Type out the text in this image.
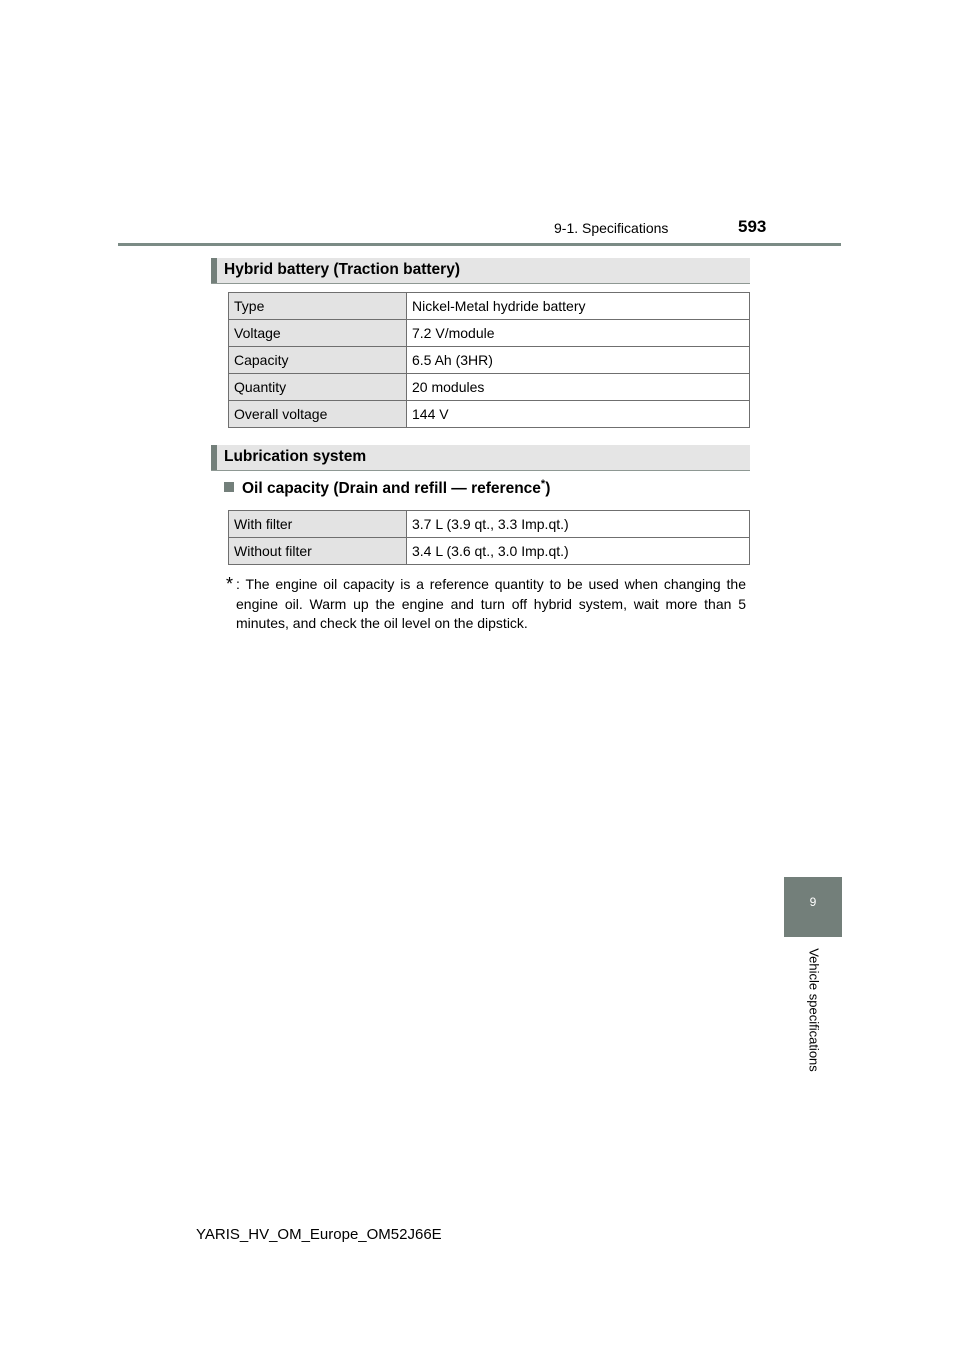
9-1. Specifications	593
Hybrid battery (Traction battery)
Type	Nickel-Metal hydride battery
Voltage	7.2 V/module
Capacity	6.5 Ah (3HR)
Quantity	20 modules
Overall voltage	144 V
Lubrication system
Oil capacity (Drain and refill — reference*)
With filter	3.7 L (3.9 qt., 3.3 Imp.qt.)
Without filter	3.4 L (3.6 qt., 3.0 Imp.qt.)
* : The engine oil capacity is a reference quantity to be used when changing the engine oil. Warm up the engine and turn off hybrid system, wait more than 5 minutes, and check the oil level on the dipstick.
9
Vehicle specifications
YARIS_HV_OM_Europe_OM52J66E
